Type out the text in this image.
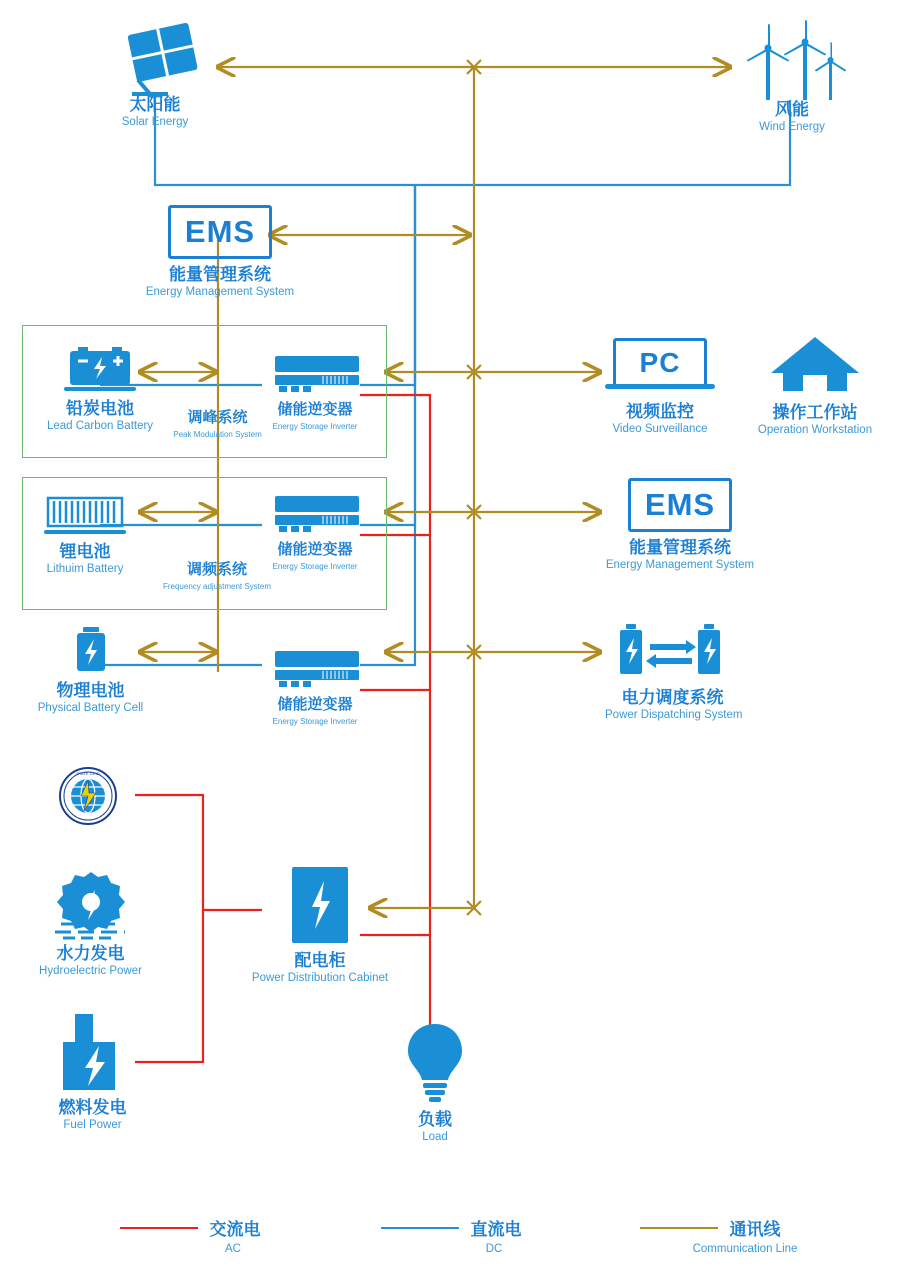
太阳能
Solar Energy
风能
Wind Energy
EMS
能量管理系统
Energy Management System
铅炭电池
Lead Carbon Battery	调峰系统
Peak Modulation System
储能逆变器
Energy Storage Inverter
锂电池
Lithuim Battery	调频系统
Frequency adjustment System
储能逆变器
Energy Storage Inverter
物理电池
Physical Battery Cell	储能逆变器
Energy Storage Inverter
PC
视频监控
Video Surveillance
操作工作站
Operation Workstation
EMS
能量管理系统
Energy Management System
电力调度系统
Power Dispatching System
STATE GRID
水力发电
Hydroelectric Power
配电柜
Power Distribution Cabinet
燃料发电
Fuel Power	负载
Load
交流电
AC
直流电
DC
通讯线
Communication Line
